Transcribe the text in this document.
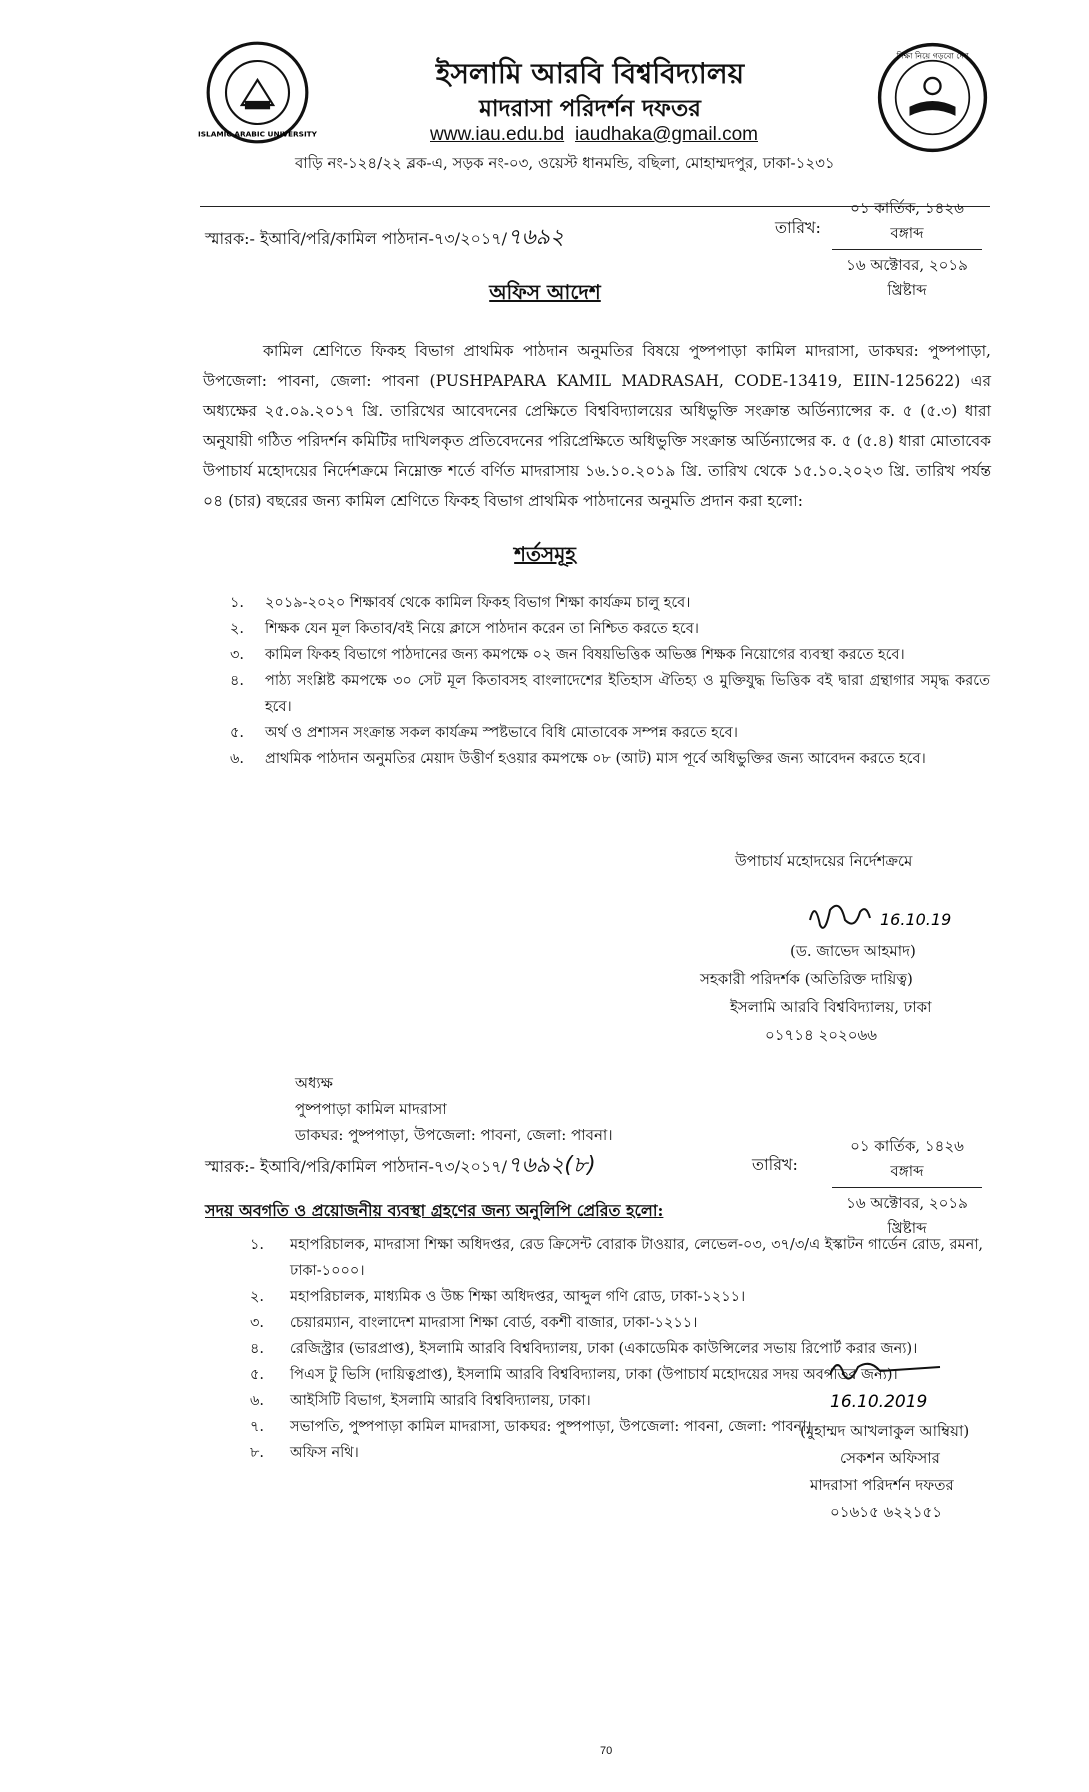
ISLAMIC ARABIC UNIVERSITY
শিক্ষা নিয়ে গড়বো দেশ
ইসলামি আরবি বিশ্ববিদ্যালয়
মাদরাসা পরিদর্শন দফতর
www.iau.edu.bd iaudhaka@gmail.com
বাড়ি নং-১২৪/২২ ব্লক-এ, সড়ক নং-০৩, ওয়েস্ট ধানমন্ডি, বছিলা, মোহাম্মদপুর, ঢাকা-১২৩১
স্মারক:- ইআবি/পরি/কামিল পাঠদান-৭৩/২০১৭/৭৬৯২	তারিখ:
০১ কার্তিক, ১৪২৬ বঙ্গাব্দ
১৬ অক্টোবর, ২০১৯ খ্রিষ্টাব্দ
অফিস আদেশ
কামিল শ্রেণিতে ফিকহ বিভাগ প্রাথমিক পাঠদান অনুমতির বিষয়ে পুষ্পপাড়া কামিল মাদরাসা, ডাকঘর: পুষ্পপাড়া, উপজেলা: পাবনা, জেলা: পাবনা (PUSHPAPARA KAMIL MADRASAH, CODE-13419, EIIN-125622) এর অধ্যক্ষের ২৫.০৯.২০১৭ খ্রি. তারিখের আবেদনের প্রেক্ষিতে বিশ্ববিদ্যালয়ের অধিভুক্তি সংক্রান্ত অর্ডিন্যান্সের ক. ৫ (৫.৩) ধারা অনুযায়ী গঠিত পরিদর্শন কমিটির দাখিলকৃত প্রতিবেদনের পরিপ্রেক্ষিতে অধিভুক্তি সংক্রান্ত অর্ডিন্যান্সের ক. ৫ (৫.৪) ধারা মোতাবেক উপাচার্য মহোদয়ের নির্দেশক্রমে নিম্নোক্ত শর্তে বর্ণিত মাদরাসায় ১৬.১০.২০১৯ খ্রি. তারিখ থেকে ১৫.১০.২০২৩ খ্রি. তারিখ পর্যন্ত ০৪ (চার) বছরের জন্য কামিল শ্রেণিতে ফিকহ বিভাগ প্রাথমিক পাঠদানের অনুমতি প্রদান করা হলো:
শর্তসমূহ
১.	২০১৯-২০২০ শিক্ষাবর্ষ থেকে কামিল ফিকহ বিভাগ শিক্ষা কার্যক্রম চালু হবে।
২.	শিক্ষক যেন মূল কিতাব/বই নিয়ে ক্লাসে পাঠদান করেন তা নিশ্চিত করতে হবে।
৩.	কামিল ফিকহ বিভাগে পাঠদানের জন্য কমপক্ষে ০২ জন বিষয়ভিত্তিক অভিজ্ঞ শিক্ষক নিয়োগের ব্যবস্থা করতে হবে।
৪.	পাঠ্য সংশ্লিষ্ট কমপক্ষে ৩০ সেট মূল কিতাবসহ বাংলাদেশের ইতিহাস ঐতিহ্য ও মুক্তিযুদ্ধ ভিত্তিক বই দ্বারা গ্রন্থাগার সমৃদ্ধ করতে হবে।
৫.	অর্থ ও প্রশাসন সংক্রান্ত সকল কার্যক্রম স্পষ্টভাবে বিধি মোতাবেক সম্পন্ন করতে হবে।
৬.	প্রাথমিক পাঠদান অনুমতির মেয়াদ উত্তীর্ণ হওয়ার কমপক্ষে ০৮ (আট) মাস পূর্বে অধিভুক্তির জন্য আবেদন করতে হবে।
উপাচার্য মহোদয়ের নির্দেশক্রমে
16.10.19
(ড. জাভেদ আহমাদ)
সহকারী পরিদর্শক (অতিরিক্ত দায়িত্ব)
ইসলামি আরবি বিশ্ববিদ্যালয়, ঢাকা
০১৭১৪ ২০২০৬৬
অধ্যক্ষ
পুষ্পপাড়া কামিল মাদরাসা
ডাকঘর: পুষ্পপাড়া, উপজেলা: পাবনা, জেলা: পাবনা।
স্মারক:- ইআবি/পরি/কামিল পাঠদান-৭৩/২০১৭/৭৬৯২(৮)	তারিখ:
০১ কার্তিক, ১৪২৬ বঙ্গাব্দ
১৬ অক্টোবর, ২০১৯ খ্রিষ্টাব্দ
সদয় অবগতি ও প্রয়োজনীয় ব্যবস্থা গ্রহণের জন্য অনুলিপি প্রেরিত হলো:
১.	মহাপরিচালক, মাদরাসা শিক্ষা অধিদপ্তর, রেড ক্রিসেন্ট বোরাক টাওয়ার, লেভেল-০৩, ৩৭/৩/এ ইস্কাটন গার্ডেন রোড, রমনা, ঢাকা-১০০০।
২.	মহাপরিচালক, মাধ্যমিক ও উচ্চ শিক্ষা অধিদপ্তর, আব্দুল গণি রোড, ঢাকা-১২১১।
৩.	চেয়ারম্যান, বাংলাদেশ মাদরাসা শিক্ষা বোর্ড, বকশী বাজার, ঢাকা-১২১১।
৪.	রেজিস্ট্রার (ভারপ্রাপ্ত), ইসলামি আরবি বিশ্ববিদ্যালয়, ঢাকা (একাডেমিক কাউন্সিলের সভায় রিপোর্ট করার জন্য)।
৫.	পিএস টু ভিসি (দায়িত্বপ্রাপ্ত), ইসলামি আরবি বিশ্ববিদ্যালয়, ঢাকা (উপাচার্য মহোদয়ের সদয় অবগতির জন্য)।
৬.	আইসিটি বিভাগ, ইসলামি আরবি বিশ্ববিদ্যালয়, ঢাকা।
৭.	সভাপতি, পুষ্পপাড়া কামিল মাদরাসা, ডাকঘর: পুষ্পপাড়া, উপজেলা: পাবনা, জেলা: পাবনা।
৮.	অফিস নথি।
16.10.2019
(মুহাম্মদ আখলাকুল আম্বিয়া)
সেকশন অফিসার
মাদরাসা পরিদর্শন দফতর
০১৬১৫ ৬২২১৫১
70
